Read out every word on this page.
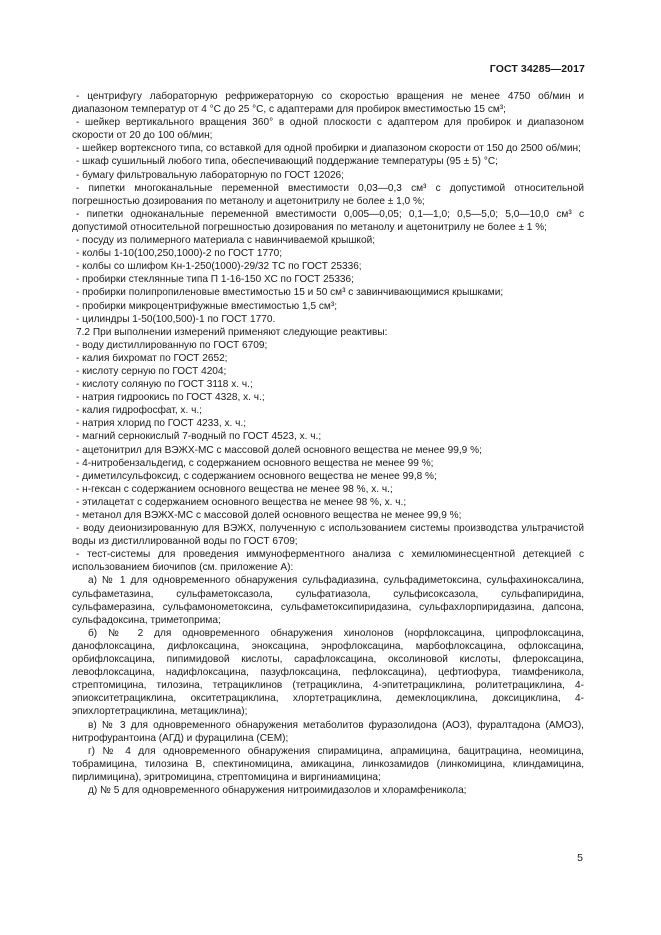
ГОСТ 34285—2017

- центрифугу лабораторную рефрижераторную со скоростью вращения не менее 4750 об/мин и диапазоном температур от 4 °С до 25 °С, с адаптерами для пробирок вместимостью 15 см³;

- шейкер вертикального вращения 360° в одной плоскости с адаптером для пробирок и диапазоном скорости от 20 до 100 об/мин;

- шейкер вортексного типа, со вставкой для одной пробирки и диапазоном скорости от 150 до 2500 об/мин;

- шкаф сушильный любого типа, обеспечивающий поддержание температуры (95 ± 5) °С;

- бумагу фильтровальную лабораторную по ГОСТ 12026;

- пипетки многоканальные переменной вместимости 0,03—0,3 см³ с допустимой относительной погрешностью дозирования по метанолу и ацетонитрилу не более ± 1,0 %;

- пипетки одноканальные переменной вместимости 0,005—0,05; 0,1—1,0; 0,5—5,0; 5,0—10,0 см³ с допустимой относительной погрешностью дозирования по метанолу и ацетонитрилу не более ± 1 %;

- посуду из полимерного материала с навинчиваемой крышкой;

- колбы 1-10(100,250,1000)-2 по ГОСТ 1770;

- колбы со шлифом Кн-1-250(1000)-29/32 ТС по ГОСТ 25336;

- пробирки стеклянные типа П 1-16-150 ХС по ГОСТ 25336;

- пробирки полипропиленовые вместимостью 15 и 50 см³ с завинчивающимися крышками;

- пробирки микроцентрифужные вместимостью 1,5 см³;

- цилиндры 1-50(100,500)-1 по ГОСТ 1770.

7.2 При выполнении измерений применяют следующие реактивы:

- воду дистиллированную по ГОСТ 6709;

- калия бихромат по ГОСТ 2652;

- кислоту серную по ГОСТ 4204;

- кислоту соляную по ГОСТ 3118 х. ч.;

- натрия гидроокись по ГОСТ 4328, х. ч.;

- калия гидрофосфат, х. ч.;

- натрия хлорид по ГОСТ 4233, х. ч.;

- магний сернокислый 7-водный по ГОСТ 4523, х. ч.;

- ацетонитрил для ВЭЖХ-МС с массовой долей основного вещества не менее 99,9 %;

- 4-нитробензальдегид, с содержанием основного вещества не менее 99 %;

- диметилсульфоксид, с содержанием основного вещества не менее 99,8 %;

- н-гексан с содержанием основного вещества не менее 98 %, х. ч.;

- этилацетат с содержанием основного вещества не менее 98 %, х. ч.;

- метанол для ВЭЖХ-МС с массовой долей основного вещества не менее 99,9 %;

- воду деионизированную для ВЭЖХ, полученную с использованием системы производства ультрачистой воды из дистиллированной воды по ГОСТ 6709;

- тест-системы для проведения иммуноферментного анализа с хемилюминесцентной детекцией с использованием биочипов (см. приложение А):

а) № 1 для одновременного обнаружения сульфадиазина, сульфадиметоксина, сульфахиноксалина, сульфаметазина, сульфаметоксазола, сульфатиазола, сульфисоксазола, сульфапиридина, сульфамеразина, сульфамонометоксина, сульфаметоксипиридазина, сульфахлорпиридазина, дапсона, сульфадоксина, триметоприма;

б) № 2 для одновременного обнаружения хинолонов (норфлоксацина, ципрофлоксацина, данофлоксацина, дифлоксацина, эноксацина, энрофлоксацина, марбофлоксацина, офлоксацина, орбифлоксацина, пипимидовой кислоты, сарафлоксацина, оксолиновой кислоты, флероксацина, левофлоксацина, надифлоксацина, пазуфлоксацина, пефлоксацина), цефтиофура, тиамфеникола, стрептомицина, тилозина, тетрациклинов (тетрациклина, 4-эпитетрациклина, ролитетрациклина, 4-эпиокситетрациклина, окситетрациклина, хлортетрациклина, демеклоциклина, доксициклина, 4-эпихлортетрациклина, метациклина);

в) № 3 для одновременного обнаружения метаболитов фуразолидона (АОЗ), фуралтадона (АМОЗ), нитрофурантоина (АГД) и фурацилина (СЕМ);

г) № 4 для одновременного обнаружения спирамицина, апрамицина, бацитрацина, неомицина, тобрамицина, тилозина В, спектиномицина, амикацина, линкозамидов (линкомицина, клиндамицина, пирлимицина), эритромицина, стрептомицина и виргиниамицина;

д) № 5 для одновременного обнаружения нитроимидазолов и хлорамфеникола;

5
